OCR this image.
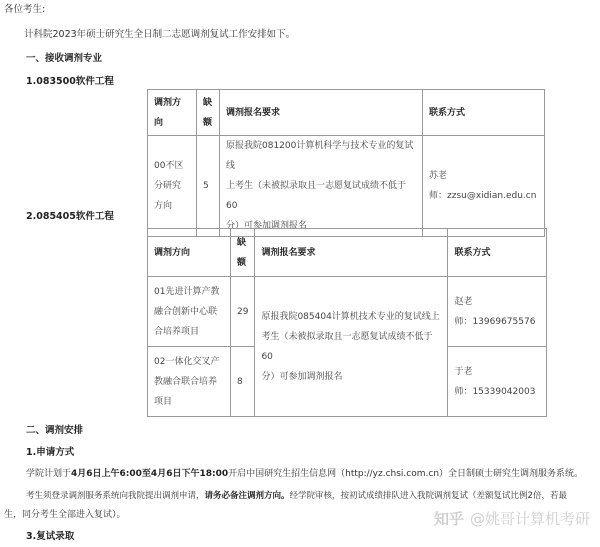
各位考生:
计科院2023年硕士研究生全日制二志愿调剂复试工作安排如下。
一、接收调剂专业
1.083500软件工程
调剂方
向	缺
额	调剂报名要求	联系方式

00不区
分研究
方向	5	原报我院081200计算机科学与技术专业的复试线
上考生（未被拟录取且一志愿复试成绩不低于60
分）可参加调剂报名	苏老
师：zzsu@xidian.edu.cn
2.085405软件工程
调剂方向	缺
额	调剂报名要求	联系方式

01先进计算产教
融合创新中心联
合培养项目	29	原报我院085404计算机技术专业的复试线上
考生（未被拟录取且一志愿复试成绩不低于60
分）可参加调剂报名	赵老
师：13969675576

02一体化交叉产
教融合联合培养
项目	8		于老
师：15339042003
二、调剂安排
1.申请方式
学院计划于4月6日上午6:00至4月6日下午18:00开启中国研究生招生信息网（http://yz.chsi.com.cn）全日制硕士研究生调剂服务系统。
考生须登录调剂服务系统向我院提出调剂申请，请务必备注调剂方向。经学院审核，按初试成绩排队进入我院调剂复试（差额复试比例2倍，若最
生，同分考生全部进入复试）。
3.复试录取
知乎 @姚哥计算机考研
